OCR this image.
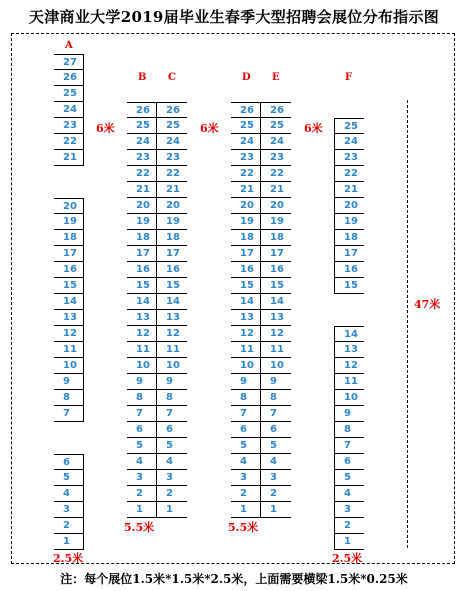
天津商业大学2019届毕业生春季大型招聘会展位分布指示图
A
27
26
25
24
23
22
21
20
19
18
17
16
15
14
13
12
11
10
9
8
7
6
5
4
3
2
1
B
26
25
24
23
22
21
20
19
18
17
16
15
14
13
12
11
10
9
8
7
6
5
4
3
2
1
C
26
25
24
23
22
21
20
19
18
17
16
15
14
13
12
11
10
9
8
7
6
5
4
3
2
1
D
26
25
24
23
22
21
20
19
18
17
16
15
14
13
12
11
10
9
8
7
6
5
4
3
2
1
E
26
25
24
23
22
21
20
19
18
17
16
15
14
13
12
11
10
9
8
7
6
5
4
3
2
1
F
25
24
23
22
21
20
19
18
17
16
15
14
13
12
11
10
9
8
7
6
5
4
3
2
1
6米	6米	6米
5.5米	5.5米
2.5米	2.5米
47米
注：每个展位1.5米*1.5米*2.5米，上面需要横梁1.5米*0.25米
